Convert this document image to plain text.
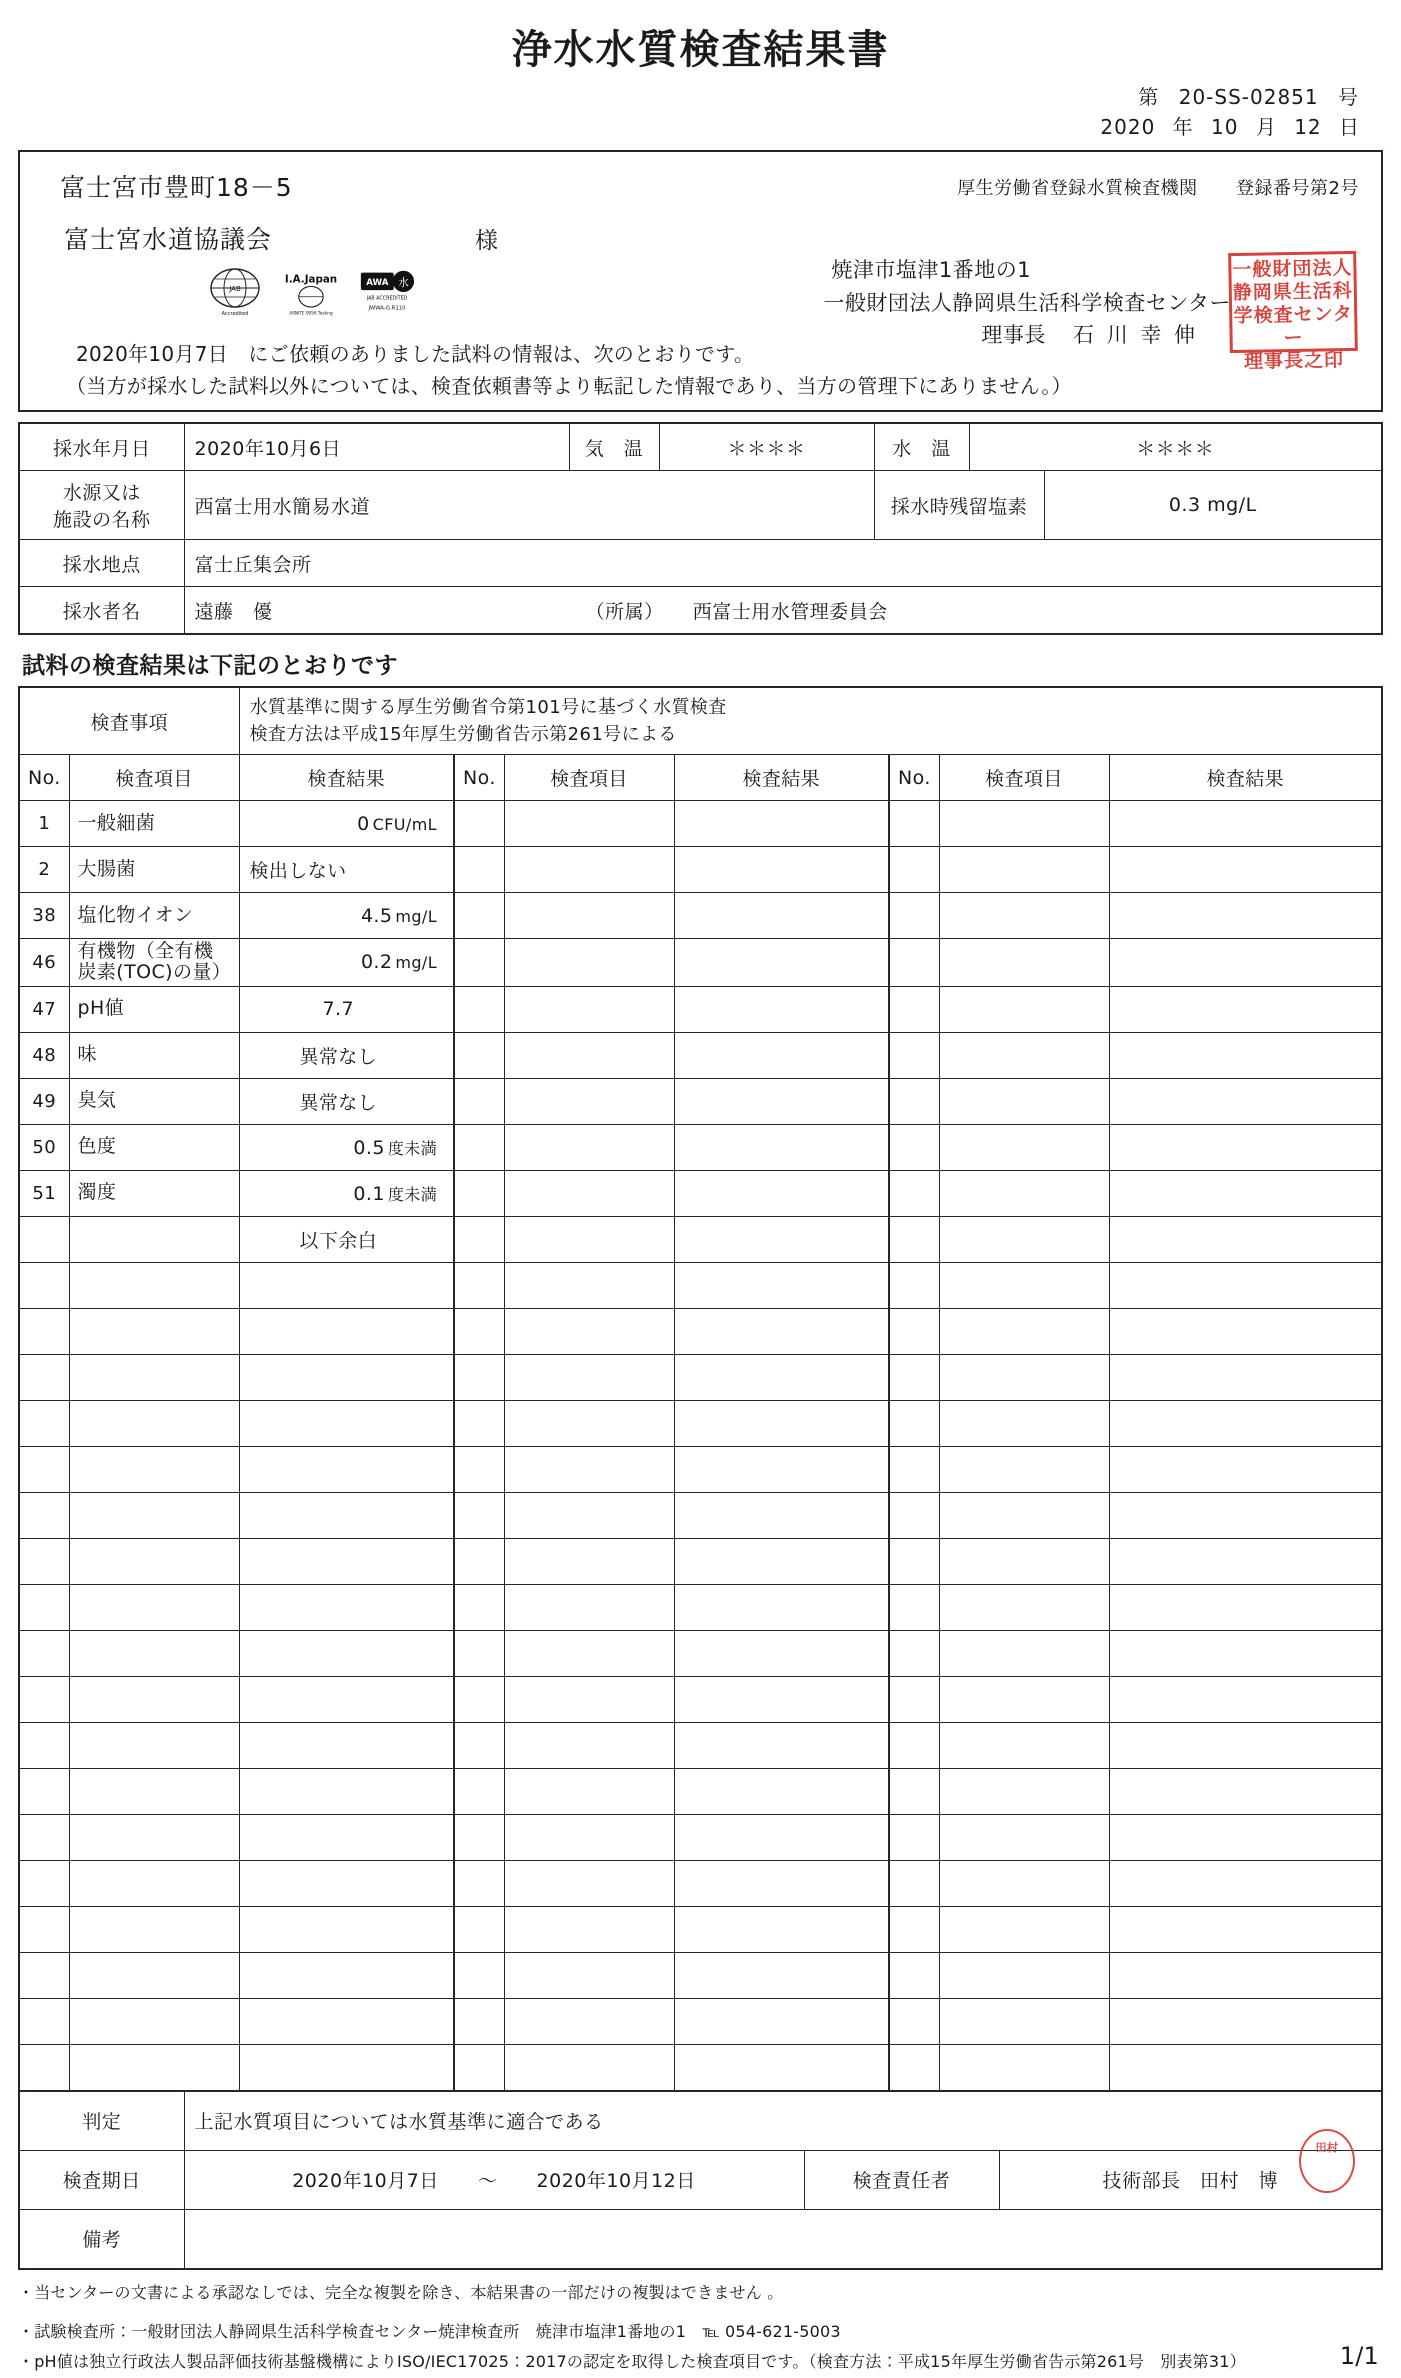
浄水水質検査結果書
第 20-SS-02851 号
2020 年 10 月 12 日
富士宮市豊町18－5
富士宮水道協議会	様
厚生労働省登録水質検査機関 登録番号第2号
焼津市塩津1番地の1
一般財団法人静岡県生活科学検査センター
理事長 石 川 幸 伸
一般財団法人
静岡県生活科
学検査センター
理事長之印
JAB
Accredited
I.A.Japan
ASNITE 0056 Testing
AWA 水
JAB ACCREDITED
JWWA-G.R110
2020年10月7日　にご依頼のありました試料の情報は、次のとおりです。
（当方が採水した試料以外については、検査依頼書等より転記した情報であり、当方の管理下にありません。）
採水年月日	2020年10月6日	気　温	＊＊＊＊	水　温	＊＊＊＊	

水源又は
施設の名称	西富士用水簡易水道			採水時残留塩素		0.3 mg/L
採水地点	富士丘集会所					
採水者名	遠藤　優 （所属） 西富士用水管理委員会					
試料の検査結果は下記のとおりです
検査事項		水質基準に関する厚生労働省令第101号に基づく水質検査
検査方法は平成15年厚生労働省告示第261号による						

No.	検査項目	検査結果	No.	検査項目	検査結果	No.	検査項目	検査結果
1	一般細菌	0 CFU/mL						
2	大腸菌	検出しない						
38	塩化物イオン	4.5 mg/L						
46	有機物（全有機
炭素(TOC)の量）	0.2 mg/L						
47	pH値	7.7						
48	味	異常なし						
49	臭気	異常なし						
50	色度	0.5 度未満						
51	濁度	0.1 度未満						
		以下余白						

判定	上記水質項目については水質基準に適合である		
検査期日	2020年10月7日 〜 2020年10月12日	検査責任者	技術部長　田村　博
田村

備考			
・当センターの文書による承認なしでは、完全な複製を除き、本結果書の一部だけの複製はできません 。
・試験検査所：一般財団法人静岡県生活科学検査センター焼津検査所　焼津市塩津1番地の1　℡ 054-621-5003
・pH値は独立行政法人製品評価技術基盤機構によりISO/IEC17025：2017の認定を取得した検査項目です。（検査方法：平成15年厚生労働省告示第261号　別表第31）	1/1
